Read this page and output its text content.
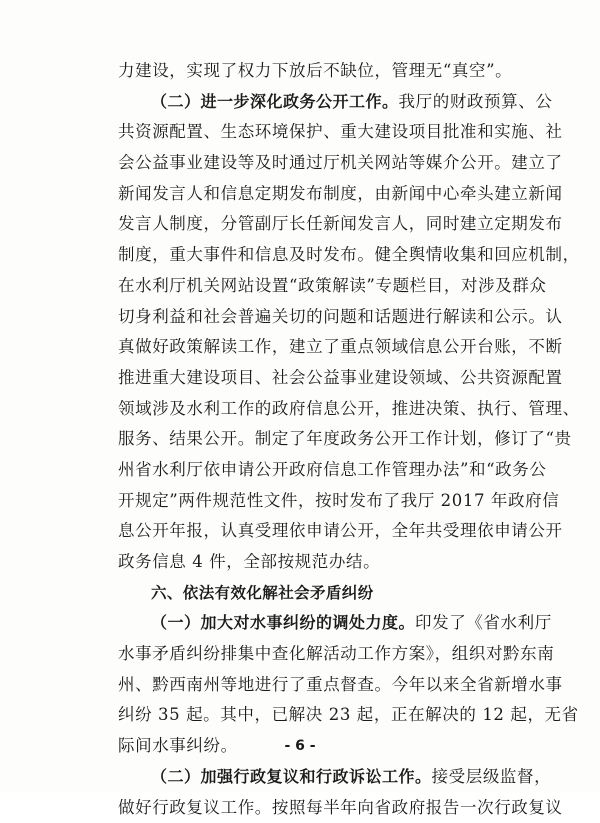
力建设，实现了权力下放后不缺位，管理无“真空”。
（二）进一步深化政务公开工作。我厅的财政预算、公
共资源配置、生态环境保护、重大建设项目批准和实施、社
会公益事业建设等及时通过厅机关网站等媒介公开。建立了
新闻发言人和信息定期发布制度，由新闻中心牵头建立新闻
发言人制度，分管副厅长任新闻发言人，同时建立定期发布
制度，重大事件和信息及时发布。健全舆情收集和回应机制，
在水利厅机关网站设置“政策解读”专题栏目，对涉及群众
切身利益和社会普遍关切的问题和话题进行解读和公示。认
真做好政策解读工作，建立了重点领域信息公开台账，不断
推进重大建设项目、社会公益事业建设领域、公共资源配置
领域涉及水利工作的政府信息公开，推进决策、执行、管理、
服务、结果公开。制定了年度政务公开工作计划，修订了“贵
州省水利厅依申请公开政府信息工作管理办法”和“政务公
开规定”两件规范性文件，按时发布了我厅 2017 年政府信
息公开年报，认真受理依申请公开，全年共受理依申请公开
政务信息 4 件，全部按规范办结。
六、依法有效化解社会矛盾纠纷
（一）加大对水事纠纷的调处力度。印发了《省水利厅
水事矛盾纠纷排集中查化解活动工作方案》，组织对黔东南
州、黔西南州等地进行了重点督查。今年以来全省新增水事
纠纷 35 起。其中，已解决 23 起，正在解决的 12 起，无省
际间水事纠纷。
（二）加强行政复议和行政诉讼工作。接受层级监督，
做好行政复议工作。按照每半年向省政府报告一次行政复议
- 6 -
